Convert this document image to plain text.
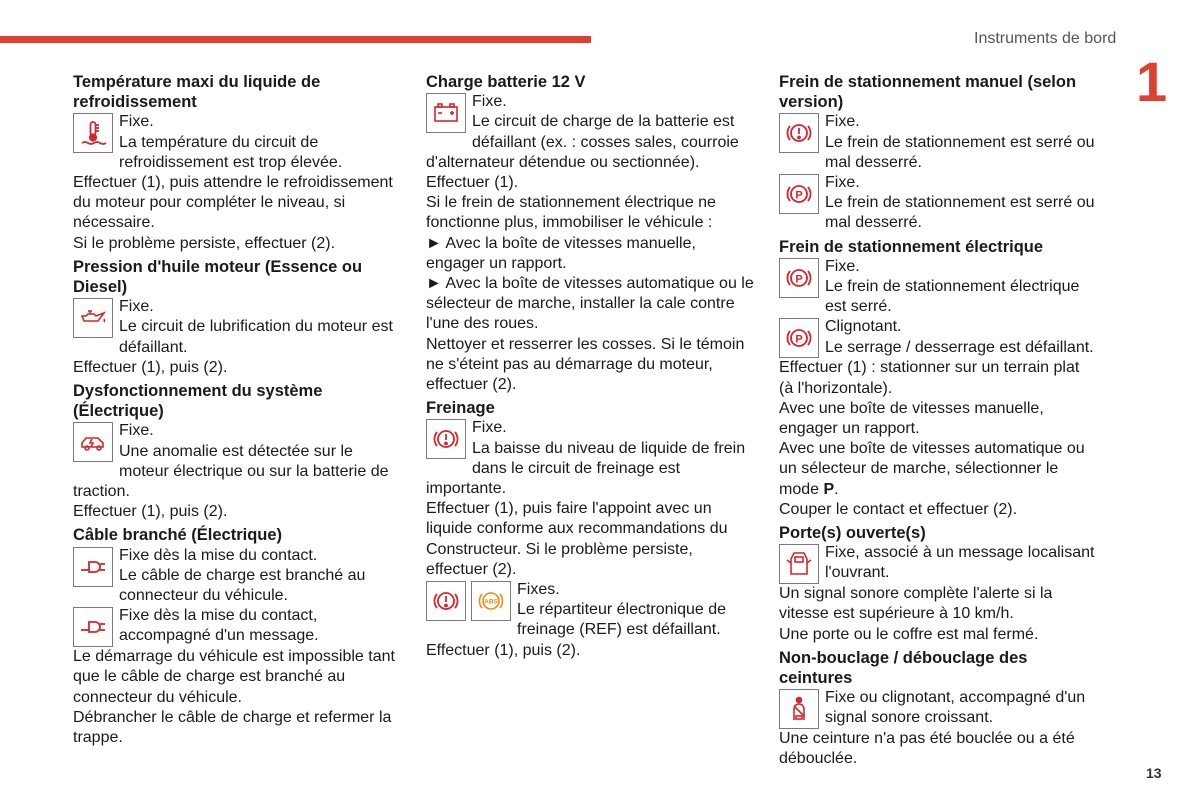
Instruments de bord
1
13
Température maxi du liquide de refroidissement

Fixe.

La température du circuit de refroidissement est trop élevée.

Effectuer (1), puis attendre le refroidissement du moteur pour compléter le niveau, si nécessaire.

Si le problème persiste, effectuer (2).

Pression d'huile moteur (Essence ou Diesel)

Fixe.

Le circuit de lubrification du moteur est défaillant.

Effectuer (1), puis (2).

Dysfonctionnement du système (Électrique)

Fixe.

Une anomalie est détectée sur le moteur électrique ou sur la batterie de traction.

Effectuer (1), puis (2).

Câble branché (Électrique)

Fixe dès la mise du contact.

Le câble de charge est branché au connecteur du véhicule.

Fixe dès la mise du contact, accompagné d'un message.

Le démarrage du véhicule est impossible tant que le câble de charge est branché au connecteur du véhicule.

Débrancher le câble de charge et refermer la trappe.

Charge batterie 12 V

Fixe.

Le circuit de charge de la batterie est défaillant (ex. : cosses sales, courroie d'alternateur détendue ou sectionnée).

Effectuer (1).

Si le frein de stationnement électrique ne fonctionne plus, immobiliser le véhicule :

► Avec la boîte de vitesses manuelle, engager un rapport.

► Avec la boîte de vitesses automatique ou le sélecteur de marche, installer la cale contre l'une des roues.

Nettoyer et resserrer les cosses. Si le témoin ne s'éteint pas au démarrage du moteur, effectuer (2).

Freinage

Fixe.

La baisse du niveau de liquide de frein dans le circuit de freinage est importante.

Effectuer (1), puis faire l'appoint avec un liquide conforme aux recommandations du Constructeur. Si le problème persiste, effectuer (2).

ABS

Fixes.

Le répartiteur électronique de freinage (REF) est défaillant.

Effectuer (1), puis (2).

Frein de stationnement manuel (selon version)

Fixe.

Le frein de stationnement est serré ou mal desserré.

P

Fixe.

Le frein de stationnement est serré ou mal desserré.

Frein de stationnement électrique
P

Fixe.

Le frein de stationnement électrique est serré.

P

Clignotant.

Le serrage / desserrage est défaillant.

Effectuer (1) : stationner sur un terrain plat (à l'horizontale).

Avec une boîte de vitesses manuelle, engager un rapport.

Avec une boîte de vitesses automatique ou un sélecteur de marche, sélectionner le mode P.

Couper le contact et effectuer (2).

Porte(s) ouverte(s)

Fixe, associé à un message localisant l'ouvrant.

Un signal sonore complète l'alerte si la vitesse est supérieure à 10 km/h.

Une porte ou le coffre est mal fermé.

Non-bouclage / débouclage des ceintures

Fixe ou clignotant, accompagné d'un signal sonore croissant.

Une ceinture n'a pas été bouclée ou a été débouclée.
